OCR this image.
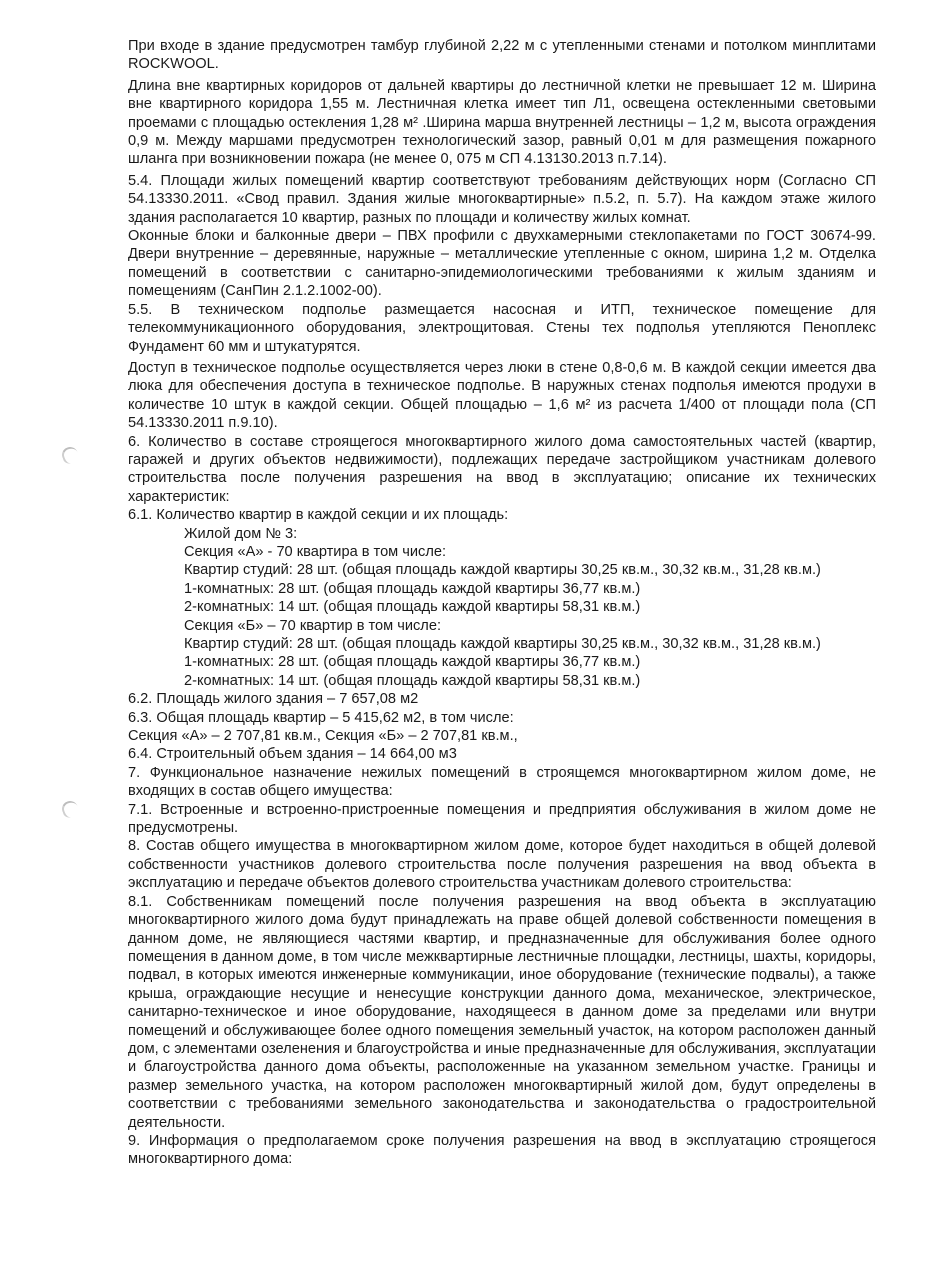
При входе в здание предусмотрен тамбур глубиной 2,22 м с утепленными стенами и потолком минплитами ROCKWOOL.

Длина вне квартирных коридоров от дальней квартиры до лестничной клетки не превышает 12 м. Ширина вне квартирного коридора 1,55 м. Лестничная клетка имеет тип Л1, освещена остекленными световыми проемами с площадью остекления 1,28 м² .Ширина марша внутренней лестницы – 1,2 м, высота ограждения 0,9 м. Между маршами предусмотрен технологический зазор, равный 0,01 м для размещения пожарного шланга при возникновении пожара (не менее 0, 075 м СП 4.13130.2013 п.7.14).

5.4. Площади жилых помещений квартир соответствуют требованиям действующих норм (Согласно СП 54.13330.2011. «Свод правил. Здания жилые многоквартирные» п.5.2, п. 5.7). На каждом этаже жилого здания располагается 10 квартир, разных по площади и количеству жилых комнат.

Оконные блоки и балконные двери – ПВХ профили с двухкамерными стеклопакетами по ГОСТ 30674-99. Двери внутренние – деревянные, наружные – металлические утепленные с окном, ширина 1,2 м. Отделка помещений в соответствии с санитарно-эпидемиологическими требованиями к жилым зданиям и помещениям (СанПин 2.1.2.1002-00).

5.5. В техническом подполье размещается насосная и ИТП, техническое помещение для телекоммуникационного оборудования, электрощитовая. Стены тех подполья утепляются Пеноплекс Фундамент 60 мм и штукатурятся.

Доступ в техническое подполье осуществляется через люки в стене 0,8-0,6 м. В каждой секции имеется два люка для обеспечения доступа в техническое подполье. В наружных стенах подполья имеются продухи в количестве 10 штук в каждой секции. Общей площадью – 1,6 м² из расчета 1/400 от площади пола (СП 54.13330.2011 п.9.10).

6. Количество в составе строящегося многоквартирного жилого дома самостоятельных частей (квартир, гаражей и других объектов недвижимости), подлежащих передаче застройщиком участникам долевого строительства после получения разрешения на ввод в эксплуатацию; описание их технических характеристик:

6.1. Количество квартир в каждой секции и их площадь:

Жилой дом № 3:

Секция «А» - 70 квартира в том числе:

Квартир студий: 28 шт. (общая площадь каждой квартиры 30,25 кв.м., 30,32 кв.м., 31,28 кв.м.)

1-комнатных: 28 шт. (общая площадь каждой квартиры 36,77 кв.м.)

2-комнатных: 14 шт. (общая площадь каждой квартиры 58,31 кв.м.)

Секция «Б» – 70 квартир в том числе:

Квартир студий: 28 шт. (общая площадь каждой квартиры 30,25 кв.м., 30,32 кв.м., 31,28 кв.м.)

1-комнатных: 28 шт. (общая площадь каждой квартиры 36,77 кв.м.)

2-комнатных: 14 шт. (общая площадь каждой квартиры 58,31 кв.м.)

6.2. Площадь жилого здания – 7 657,08 м2

6.3. Общая площадь квартир – 5 415,62 м2, в том числе:

Секция «А» – 2 707,81 кв.м., Секция «Б» – 2 707,81 кв.м.,

6.4. Строительный объем здания – 14 664,00 м3

7. Функциональное назначение нежилых помещений в строящемся многоквартирном жилом доме, не входящих в состав общего имущества:

7.1. Встроенные и встроенно-пристроенные помещения и предприятия обслуживания в жилом доме не предусмотрены.

8. Состав общего имущества в многоквартирном жилом доме, которое будет находиться в общей долевой собственности участников долевого строительства после получения разрешения на ввод объекта в эксплуатацию и передаче объектов долевого строительства участникам долевого строительства:

8.1. Собственникам помещений после получения разрешения на ввод объекта в эксплуатацию многоквартирного жилого дома будут принадлежать на праве общей долевой собственности помещения в данном доме, не являющиеся частями квартир, и предназначенные для обслуживания более одного помещения в данном доме, в том числе межквартирные лестничные площадки, лестницы, шахты, коридоры, подвал, в которых имеются инженерные коммуникации, иное оборудование (технические подвалы), а также крыша, ограждающие несущие и ненесущие конструкции данного дома, механическое, электрическое, санитарно-техническое и иное оборудование, находящееся в данном доме за пределами или внутри помещений и обслуживающее более одного помещения земельный участок, на котором расположен данный дом, с элементами озеленения и благоустройства и иные предназначенные для обслуживания, эксплуатации и благоустройства данного дома объекты, расположенные на указанном земельном участке. Границы и размер земельного участка, на котором расположен многоквартирный жилой дом, будут определены в соответствии с требованиями земельного законодательства и законодательства о градостроительной деятельности.

9. Информация о предполагаемом сроке получения разрешения на ввод в эксплуатацию строящегося многоквартирного дома:
